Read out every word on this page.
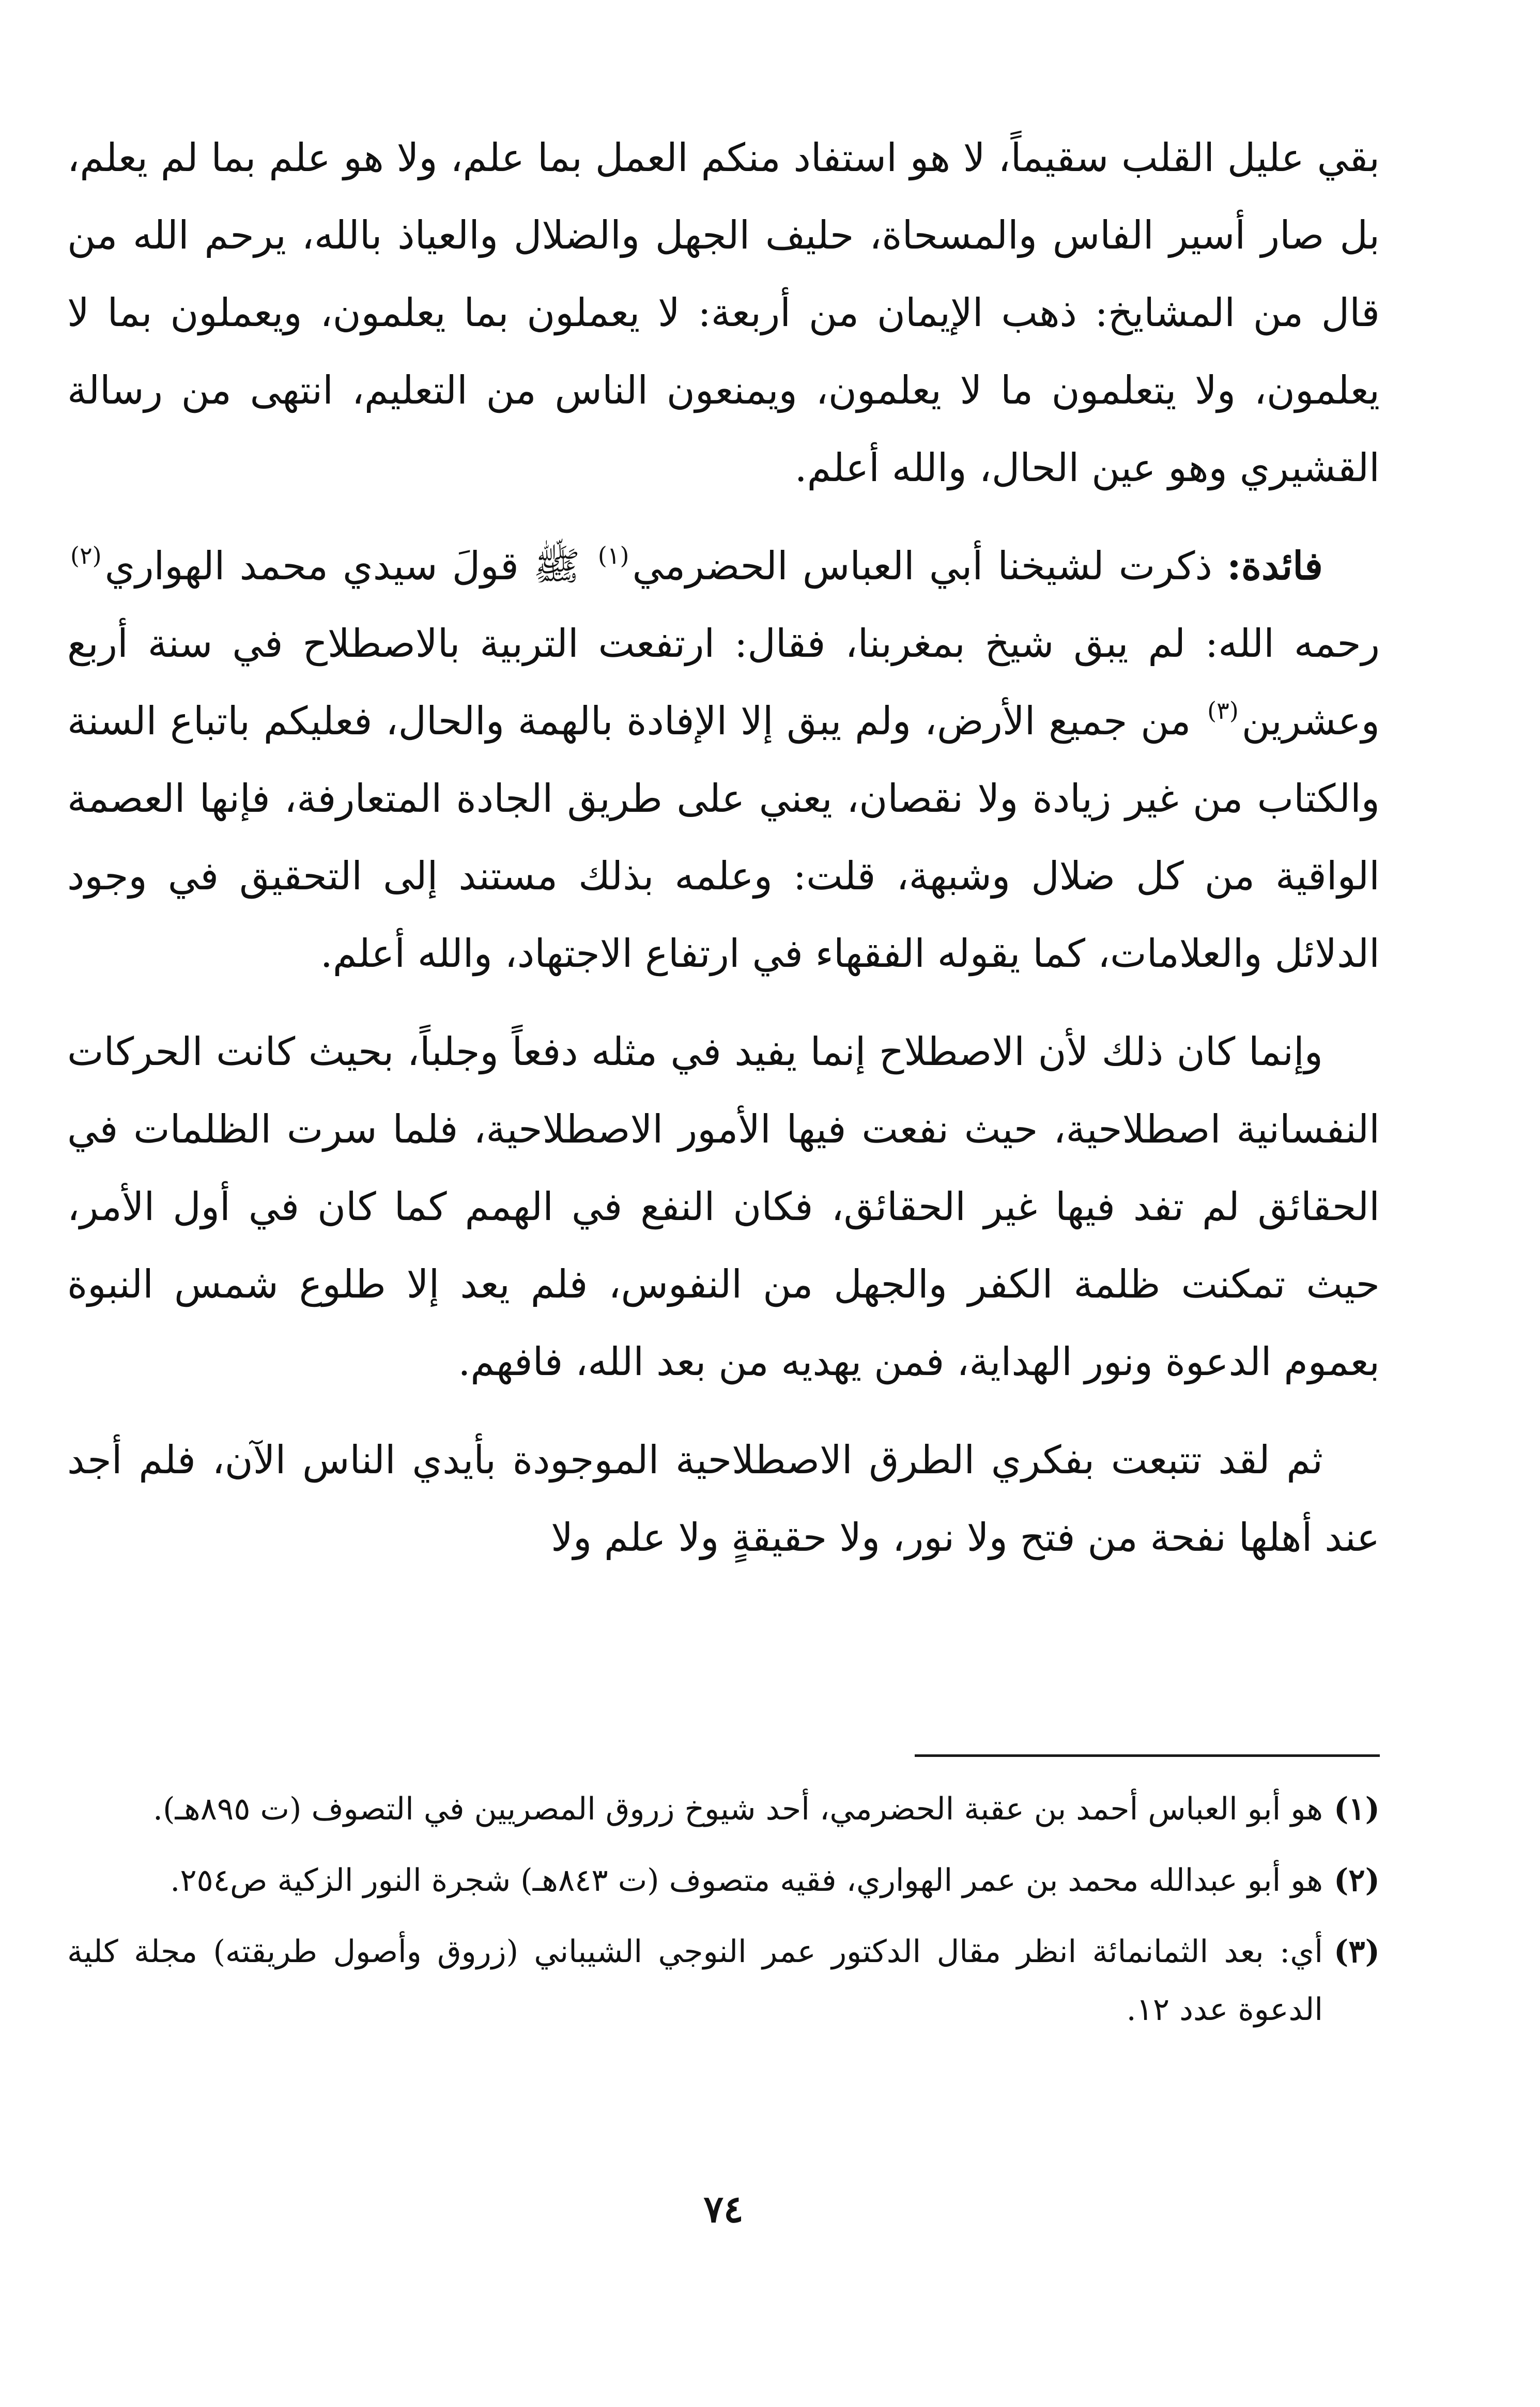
بقي عليل القلب سقيماً، لا هو استفاد منكم العمل بما علم، ولا هو علم بما لم يعلم، بل صار أسير الفاس والمسحاة، حليف الجهل والضلال والعياذ بالله، يرحم الله من قال من المشايخ: ذهب الإيمان من أربعة: لا يعملون بما يعلمون، ويعملون بما لا يعلمون، ولا يتعلمون ما لا يعلمون، ويمنعون الناس من التعليم، انتهى من رسالة القشيري وهو عين الحال، والله أعلم.

فائدة: ذكرت لشيخنا أبي العباس الحضرمي$^{(١)}$ ﷺ قولَ سيدي محمد الهواري$^{(٢)}$ رحمه الله: لم يبق شيخ بمغربنا، فقال: ارتفعت التربية بالاصطلاح في سنة أربع وعشرين$^{(٣)}$ من جميع الأرض، ولم يبق إلا الإفادة بالهمة والحال، فعليكم باتباع السنة والكتاب من غير زيادة ولا نقصان، يعني على طريق الجادة المتعارفة، فإنها العصمة الواقية من كل ضلال وشبهة، قلت: وعلمه بذلك مستند إلى التحقيق في وجود الدلائل والعلامات، كما يقوله الفقهاء في ارتفاع الاجتهاد، والله أعلم.

وإنما كان ذلك لأن الاصطلاح إنما يفيد في مثله دفعاً وجلباً، بحيث كانت الحركات النفسانية اصطلاحية، حيث نفعت فيها الأمور الاصطلاحية، فلما سرت الظلمات في الحقائق لم تفد فيها غير الحقائق، فكان النفع في الهمم كما كان في أول الأمر، حيث تمكنت ظلمة الكفر والجهل من النفوس، فلم يعد إلا طلوع شمس النبوة بعموم الدعوة ونور الهداية، فمن يهديه من بعد الله، فافهم.

ثم لقد تتبعت بفكري الطرق الاصطلاحية الموجودة بأيدي الناس الآن، فلم أجد عند أهلها نفحة من فتح ولا نور، ولا حقيقةٍ ولا علم ولا

(١)
هو أبو العباس أحمد بن عقبة الحضرمي، أحد شيوخ زروق المصريين في التصوف (ت ٨٩٥هـ).
(٢)
هو أبو عبدالله محمد بن عمر الهواري، فقيه متصوف (ت ٨٤٣هـ) شجرة النور الزكية ص٢٥٤.
(٣)
أي: بعد الثمانمائة انظر مقال الدكتور عمر النوجي الشيباني (زروق وأصول طريقته) مجلة كلية الدعوة عدد ١٢.
٧٤
